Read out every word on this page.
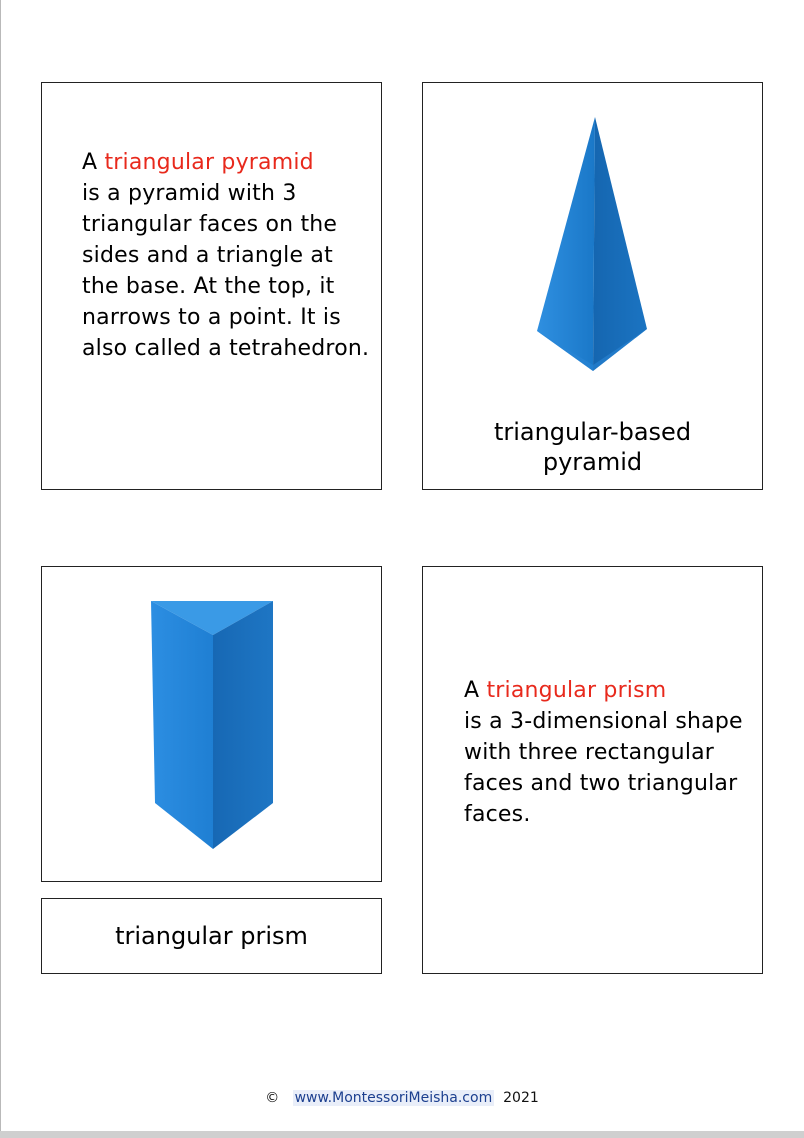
A triangular pyramid
is a pyramid with 3 triangular faces on the sides and a triangle at the base. At the top, it narrows to a point. It is also called a tetrahedron.

triangular-based pyramid
triangular prism

A triangular prism
is a 3-dimensional shape with three rectangular faces and two triangular faces.

© www.MontessoriMeisha.com 2021
